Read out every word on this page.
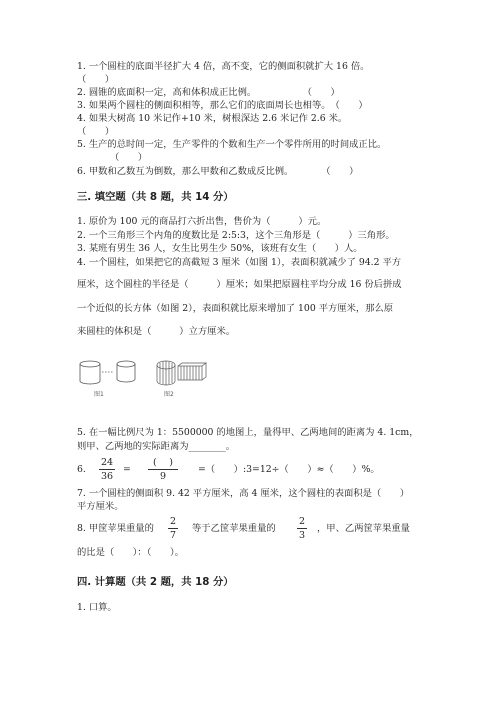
1. 一个圆柱的底面半径扩大 4 倍，高不变，它的侧面积就扩大 16 倍。
（　　）
2. 圆锥的底面积一定，高和体积成正比例。　　　　　　（　　）
3. 如果两个圆柱的侧面积相等，那么它们的底面周长也相等。　（　　）
4. 如果大树高 10 米记作+10 米，树根深达 2.6 米记作 2.6 米。
（　　）
5. 生产的总时间一定，生产零件的个数和生产一个零件所用的时间成正比。
（　　）
6. 甲数和乙数互为倒数，那么甲数和乙数成反比例。　　　　（　　）
三. 填空题（共 8 题，共 14 分）
1. 原价为 100 元的商品打六折出售，售价为（　　　）元。
2. 一个三角形三个内角的度数比是 2:5:3，这个三角形是（　　　）三角形。
3. 某班有男生 36 人，女生比男生少 50%，该班有女生（　　）人。
4. 一个圆柱，如果把它的高截短 3 厘米（如图 1），表面积就减少了 94.2 平方
厘米，这个圆柱的半径是（　　　）厘米；如果把原圆柱平均分成 16 份后拼成
一个近似的长方体（如图 2），表面积就比原来增加了 100 平方厘米，那么原
来圆柱的体积是（　　　）立方厘米。
图1	图2
5. 在一幅比例尺为 1：5500000 的地图上，量得甲、乙两地间的距离为 4. 1cm，
则甲、乙两地的实际距离为________。
6.
24
36
=
(　 )
9
=（　　）:3=12÷（　　）≈（　　）%。
7. 一个圆柱的侧面积 9. 42 平方厘米，高 4 厘米，这个圆柱的表面积是（　　）
平方厘米。
8. 甲筐苹果重量的
2
7
等于乙筐苹果重量的
2
3
，甲、乙两筐苹果重量
的比是（　　）：（　　）。
四. 计算题（共 2 题，共 18 分）
1. 口算。
